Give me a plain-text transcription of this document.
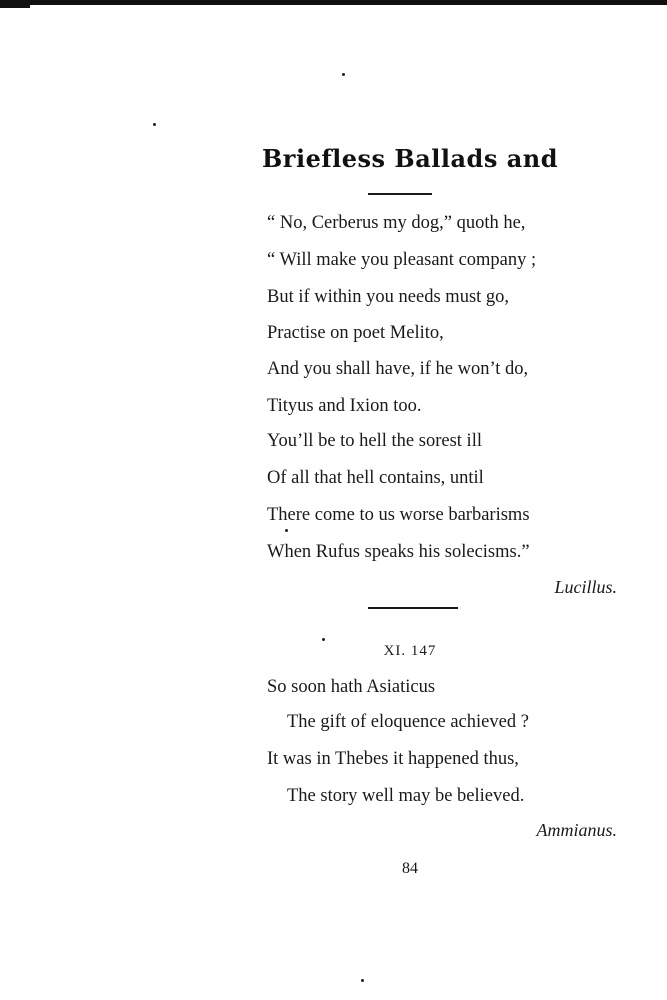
Briefless Ballads and
“ No, Cerberus my dog,” quoth he,
“ Will make you pleasant company ;
But if within you needs must go,
Practise on poet Melito,
And you shall have, if he won’t do,
Tityus and Ixion too.
You’ll be to hell the sorest ill
Of all that hell contains, until
There come to us worse barbarisms
When Rufus speaks his solecisms.”
Lucillus.
XI. 147
So soon hath Asiaticus
The gift of eloquence achieved ?
It was in Thebes it happened thus,
The story well may be believed.
Ammianus.
84
